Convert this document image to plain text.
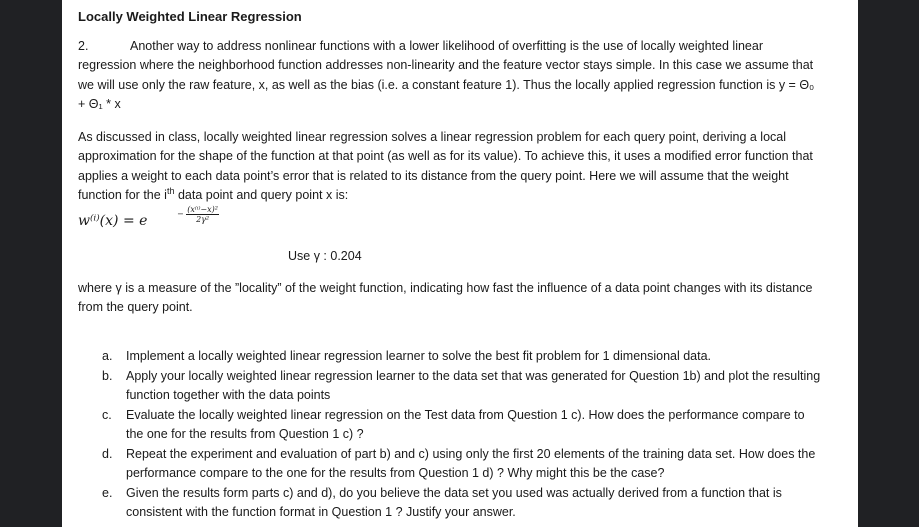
Locally Weighted Linear Regression
2.	Another way to address nonlinear functions with a lower likelihood of overfitting is the use of locally weighted linear regression where the neighborhood function addresses non-linearity and the feature vector stays simple. In this case we assume that we will use only the raw feature, x, as well as the bias (i.e. a constant feature 1). Thus the locally applied regression function is y = Θ₀ + Θ₁ * x
As discussed in class, locally weighted linear regression solves a linear regression problem for each query point, deriving a local approximation for the shape of the function at that point (as well as for its value). To achieve this, it uses a modified error function that applies a weight to each data point’s error that is related to its distance from the query point. Here we will assume that the weight function for the $i^{th}$ data point and query point x is:
w⁽ⁱ⁾(x) = e	− $\frac{\text{(x⁽ⁱ⁾−x)²}}{\text{2γ²}}$
Use γ : 0.204
where γ is a measure of the ”locality” of the weight function, indicating how fast the influence of a data point changes with its distance from the query point.
a.	Implement a locally weighted linear regression learner to solve the best fit problem for 1 dimensional data.
b.	Apply your locally weighted linear regression learner to the data set that was generated for Question 1b) and plot the resulting function together with the data points
c.	Evaluate the locally weighted linear regression on the Test data from Question 1 c). How does the performance compare to the one for the results from Question 1 c) ?
d.	Repeat the experiment and evaluation of part b) and c) using only the first 20 elements of the training data set. How does the performance compare to the one for the results from Question 1 d) ? Why might this be the case?
e.	Given the results form parts c) and d), do you believe the data set you used was actually derived from a function that is consistent with the function format in Question 1 ? Justify your answer.
